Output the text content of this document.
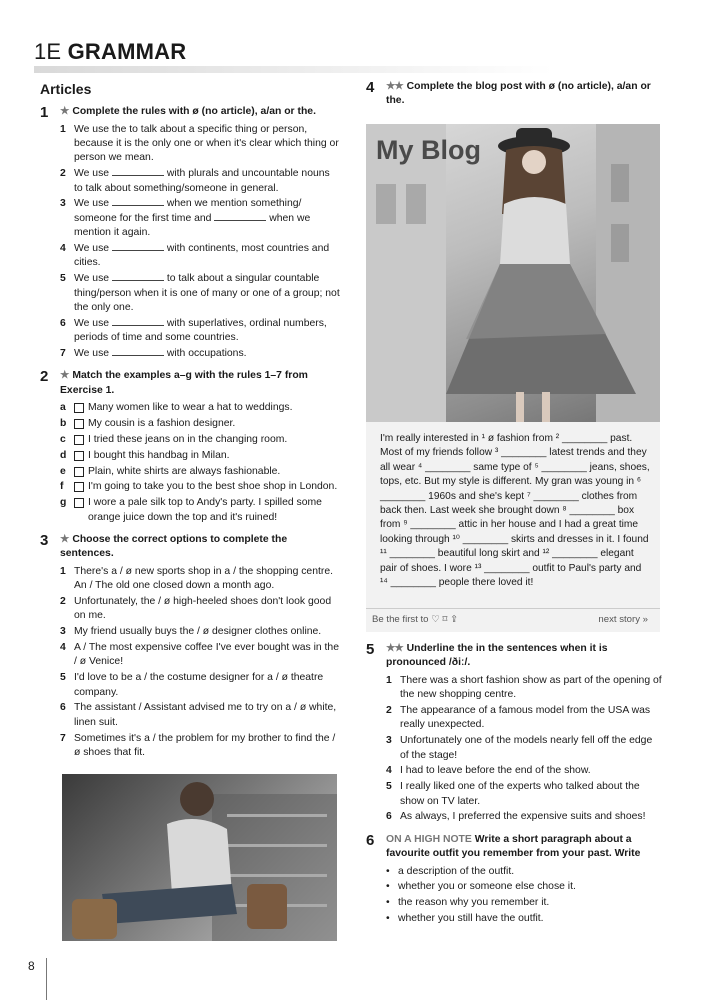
1E GRAMMAR
Articles
1 ★ Complete the rules with ø (no article), a/an or the.
1 We use the to talk about a specific thing or person, because it is the only one or when it's clear which thing or person we mean.
2 We use	with plurals and uncountable nouns to talk about something/someone in general.
3 We use	when we mention something/ someone for the first time and	when we mention it again.
4 We use	with continents, most countries and cities.
5 We use	to talk about a singular countable thing/person when it is one of many or one of a group; not the only one.
6 We use	with superlatives, ordinal numbers, periods of time and some countries.
7 We use	with occupations.
2 ★ Match the examples a–g with the rules 1–7 from Exercise 1.
a Many women like to wear a hat to weddings.
b My cousin is a fashion designer.
c I tried these jeans on in the changing room.
d I bought this handbag in Milan.
e Plain, white shirts are always fashionable.
f I'm going to take you to the best shoe shop in London.
g I wore a pale silk top to Andy's party. I spilled some orange juice down the top and it's ruined!
3 ★ Choose the correct options to complete the sentences.
1 There's a / ø new sports shop in a / the shopping centre. An / The old one closed down a month ago.
2 Unfortunately, the / ø high-heeled shoes don't look good on me.
3 My friend usually buys the / ø designer clothes online.
4 A / The most expensive coffee I've ever bought was in the / ø Venice!
5 I'd love to be a / the costume designer for a / ø theatre company.
6 The assistant / Assistant advised me to try on a / ø white, linen suit.
7 Sometimes it's a / the problem for my brother to find the / ø shoes that fit.
4 ★★ Complete the blog post with ø (no article), a/an or the.
My Blog
I'm really interested in ¹ ø fashion from ² ________ past. Most of my friends follow ³ ________ latest trends and they all wear ⁴ ________ same type of ⁵ ________ jeans, shoes, tops, etc. But my style is different. My gran was young in ⁶ ________ 1960s and she's kept ⁷ ________ clothes from back then. Last week she brought down ⁸ ________ box from ⁹ ________ attic in her house and I had a great time looking through ¹⁰ ________ skirts and dresses in it. I found ¹¹ ________ beautiful long skirt and ¹² ________ elegant pair of shoes. I wore ¹³ ________ outfit to Paul's party and ¹⁴ ________ people there loved it!
Be the first to ♡ ⌑ ⇪	next story »
5 ★★ Underline the in the sentences when it is pronounced /ðiː/.
1 There was a short fashion show as part of the opening of the new shopping centre.
2 The appearance of a famous model from the USA was really unexpected.
3 Unfortunately one of the models nearly fell off the edge of the stage!
4 I had to leave before the end of the show.
5 I really liked one of the experts who talked about the show on TV later.
6 As always, I preferred the expensive suits and shoes!
6 ON A HIGH NOTE Write a short paragraph about a favourite outfit you remember from your past. Write
• a description of the outfit.
• whether you or someone else chose it.
• the reason why you remember it.
• whether you still have the outfit.
8
